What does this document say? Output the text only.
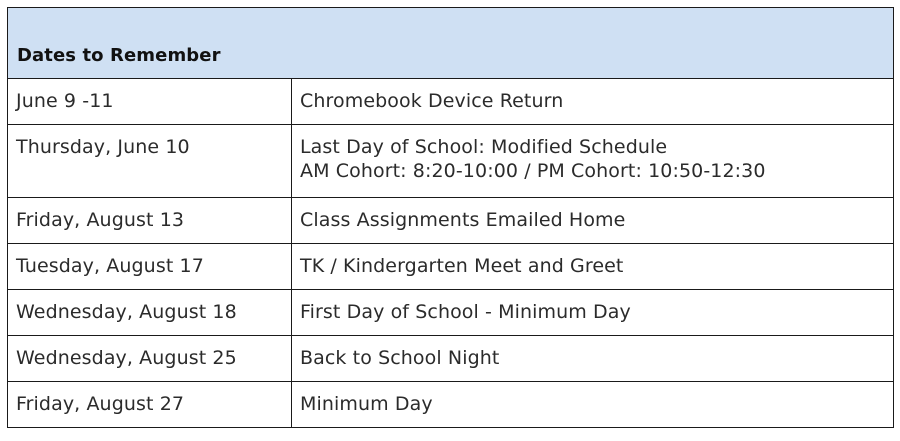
Dates to Remember	
June 9 -11	Chromebook Device Return

Thursday, June 10	Last Day of School: Modified Schedule
AM Cohort: 8:20-10:00 / PM Cohort: 10:50-12:30

Friday, August 13	Class Assignments Emailed Home

Tuesday, August 17	TK / Kindergarten Meet and Greet

Wednesday, August 18	First Day of School - Minimum Day

Wednesday, August 25	Back to School Night

Friday, August 27	Minimum Day
